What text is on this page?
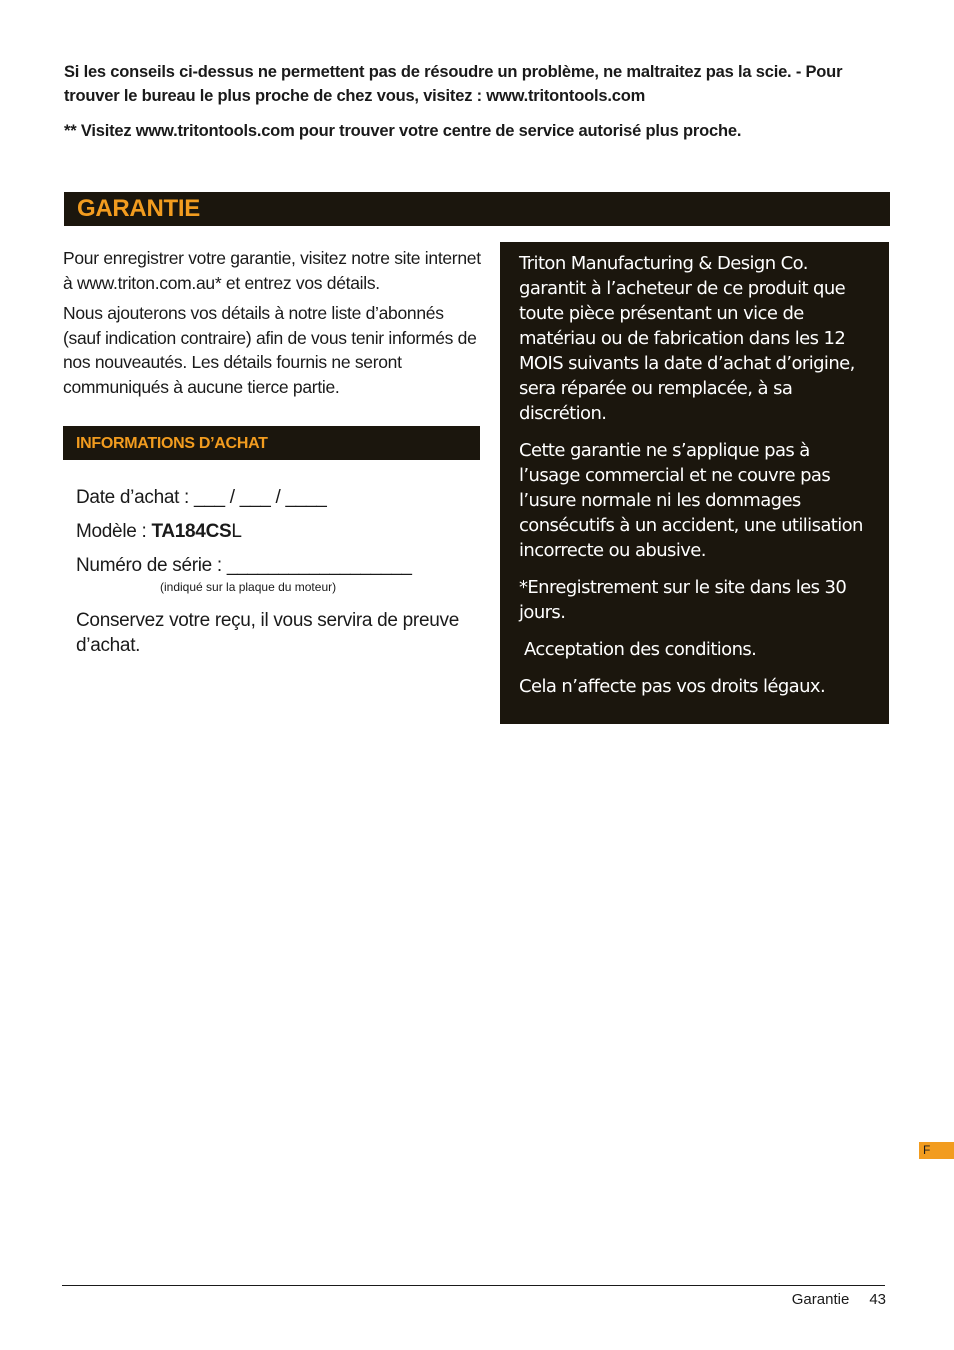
Si les conseils ci-dessus ne permettent pas de résoudre un problème, ne maltraitez pas la scie. - Pour trouver le bureau le plus proche de chez vous, visitez : www.tritontools.com

** Visitez www.tritontools.com pour trouver votre centre de service autorisé plus proche.

GARANTIE

Pour enregistrer votre garantie, visitez notre site internet à www.triton.com.au* et entrez vos détails.

Nous ajouterons vos détails à notre liste d’abonnés (sauf indication contraire) afin de vous tenir informés de nos nouveautés. Les détails fournis ne seront communiqués à aucune tierce partie.

INFORMATIONS D’ACHAT
Date d’achat : ___ / ___ / ____
Modèle : TA184CSL
Numéro de série : __________________
(indiqué sur la plaque du moteur)
Conservez votre reçu, il vous servira de preuve d’achat.

Triton Manufacturing & Design Co. garantit à l’acheteur de ce produit que toute pièce présentant un vice de matériau ou de fabrication dans les 12 MOIS suivants la date d’achat d’origine, sera réparée ou remplacée, à sa discrétion.

Cette garantie ne s’applique pas à l’usage commercial et ne couvre pas l’usure normale ni les dommages consécutifs à un accident, une utilisation incorrecte ou abusive.

*Enregistrement sur le site dans les 30 jours.

Acceptation des conditions.

Cela n’affecte pas vos droits légaux.

F
Garantie 43
